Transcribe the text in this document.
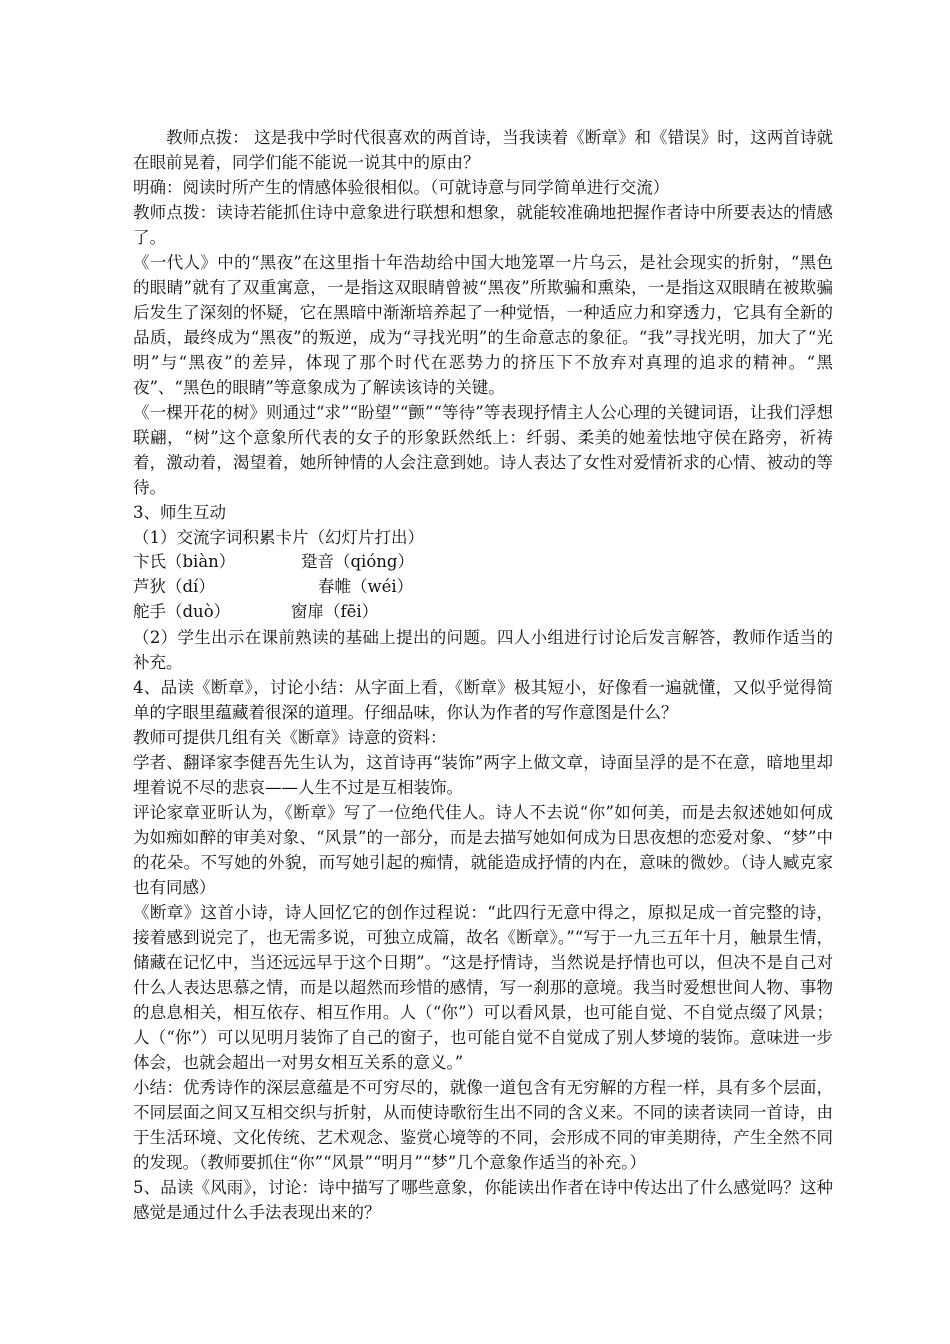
教师点拨： 这是我中学时代很喜欢的两首诗，当我读着《断章》和《错误》时，这两首诗就在眼前晃着，同学们能不能说一说其中的原由？

明确：阅读时所产生的情感体验很相似。（可就诗意与同学简单进行交流）

教师点拨：读诗若能抓住诗中意象进行联想和想象，就能较准确地把握作者诗中所要表达的情感了。

《一代人》中的“黑夜”在这里指十年浩劫给中国大地笼罩一片乌云，是社会现实的折射，“黑色的眼睛”就有了双重寓意，一是指这双眼睛曾被“黑夜”所欺骗和熏染，一是指这双眼睛在被欺骗后发生了深刻的怀疑，它在黑暗中渐渐培养起了一种觉悟，一种适应力和穿透力，它具有全新的品质，最终成为“黑夜”的叛逆，成为“寻找光明”的生命意志的象征。“我”寻找光明，加大了“光明”与“黑夜”的差异，体现了那个时代在恶势力的挤压下不放弃对真理的追求的精神。“黑夜”、“黑色的眼睛”等意象成为了解读该诗的关键。

《一棵开花的树》则通过“求”“盼望”“颤”“等待”等表现抒情主人公心理的关键词语，让我们浮想联翩，“树”这个意象所代表的女子的形象跃然纸上：纤弱、柔美的她羞怯地守侯在路旁，祈祷着，激动着，渴望着，她所钟情的人会注意到她。诗人表达了女性对爱情祈求的心情、被动的等待。

3、师生互动

（1）交流字词积累卡片（幻灯片打出）

卞氏（biàn）	跫音（qióng）
芦狄（dí）	春帷（wéi）
舵手（duò）	窗扉（fēi）

（2）学生出示在课前熟读的基础上提出的问题。四人小组进行讨论后发言解答，教师作适当的补充。

4、品读《断章》，讨论小结：从字面上看，《断章》极其短小，好像看一遍就懂，又似乎觉得简单的字眼里蕴藏着很深的道理。仔细品味，你认为作者的写作意图是什么？

教师可提供几组有关《断章》诗意的资料：

学者、翻译家李健吾先生认为，这首诗再“装饰”两字上做文章，诗面呈浮的是不在意，暗地里却埋着说不尽的悲哀——人生不过是互相装饰。

评论家章亚昕认为，《断章》写了一位绝代佳人。诗人不去说“你”如何美，而是去叙述她如何成为如痴如醉的审美对象、“风景”的一部分，而是去描写她如何成为日思夜想的恋爱对象、“梦”中的花朵。不写她的外貌，而写她引起的痴情，就能造成抒情的内在，意味的微妙。（诗人臧克家也有同感）

《断章》这首小诗，诗人回忆它的创作过程说：“此四行无意中得之，原拟足成一首完整的诗，接着感到说完了，也无需多说，可独立成篇，故名《断章》。”“写于一九三五年十月，触景生情，储藏在记忆中，当还远远早于这个日期”。“这是抒情诗，当然说是抒情也可以，但决不是自己对什么人表达思慕之情，而是以超然而珍惜的感情，写一刹那的意境。我当时爱想世间人物、事物的息息相关，相互依存、相互作用。人（“你”）可以看风景，也可能自觉、不自觉点缀了风景；人（“你”）可以见明月装饰了自己的窗子，也可能自觉不自觉成了别人梦境的装饰。意味进一步体会，也就会超出一对男女相互关系的意义。”

小结：优秀诗作的深层意蕴是不可穷尽的，就像一道包含有无穷解的方程一样，具有多个层面，不同层面之间又互相交织与折射，从而使诗歌衍生出不同的含义来。不同的读者读同一首诗，由于生活环境、文化传统、艺术观念、鉴赏心境等的不同，会形成不同的审美期待，产生全然不同的发现。（教师要抓住“你”“风景”“明月”“梦”几个意象作适当的补充。）

5、品读《风雨》，讨论：诗中描写了哪些意象，你能读出作者在诗中传达出了什么感觉吗？这种感觉是通过什么手法表现出来的？
